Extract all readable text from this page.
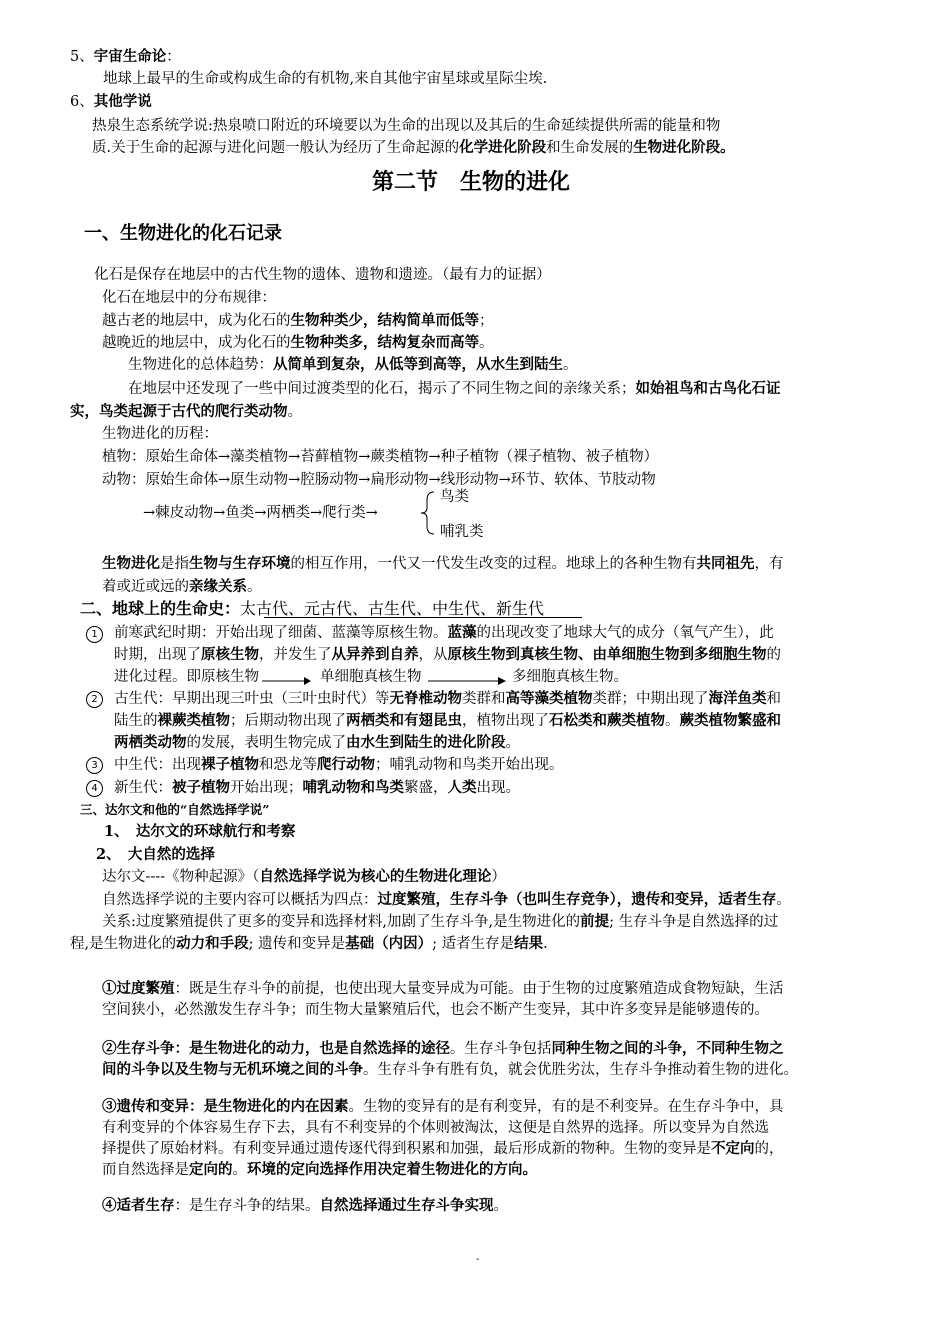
5、宇宙生命论：
地球上最早的生命或构成生命的有机物,来自其他宇宙星球或星际尘埃.
6、其他学说
热泉生态系统学说:热泉喷口附近的环境要以为生命的出现以及其后的生命延续提供所需的能量和物
质.关于生命的起源与进化问题一般认为经历了生命起源的化学进化阶段和生命发展的生物进化阶段。
第二节　生物的进化
一、生物进化的化石记录
化石是保存在地层中的古代生物的遗体、遗物和遗迹。（最有力的证据）
化石在地层中的分布规律：
越古老的地层中，成为化石的生物种类少，结构简单而低等；
越晚近的地层中，成为化石的生物种类多，结构复杂而高等。
生物进化的总体趋势：从简单到复杂，从低等到高等，从水生到陆生。
在地层中还发现了一些中间过渡类型的化石，揭示了不同生物之间的亲缘关系；如始祖鸟和古鸟化石证
实，鸟类起源于古代的爬行类动物。
生物进化的历程：
植物：原始生命体→藻类植物→苔藓植物→蕨类植物→种子植物（裸子植物、被子植物）
动物：原始生命体→原生动物→腔肠动物→扁形动物→线形动物→环节、软体、节肢动物
→棘皮动物→鱼类→两栖类→爬行类→
鸟类
哺乳类
生物进化是指生物与生存环境的相互作用，一代又一代发生改变的过程。地球上的各种生物有共同祖先，有
着或近或远的亲缘关系。
二、地球上的生命史：太古代、元古代、古生代、中生代、新生代
1	前寒武纪时期：开始出现了细菌、蓝藻等原核生物。蓝藻的出现改变了地球大气的成分（氧气产生），此
时期，出现了原核生物，并发生了从异养到自养，从原核生物到真核生物、由单细胞生物到多细胞生物的
进化过程。即原核生物	单细胞真核生物	多细胞真核生物。
2	古生代：早期出现三叶虫（三叶虫时代）等无脊椎动物类群和高等藻类植物类群；中期出现了海洋鱼类和
陆生的裸蕨类植物；后期动物出现了两栖类和有翅昆虫，植物出现了石松类和蕨类植物。蕨类植物繁盛和
两栖类动物的发展，表明生物完成了由水生到陆生的进化阶段。
3	中生代：出现裸子植物和恐龙等爬行动物；哺乳动物和鸟类开始出现。
4	新生代：被子植物开始出现；哺乳动物和鸟类繁盛，人类出现。
三、达尔文和他的“自然选择学说”
1、　达尔文的环球航行和考察
2、　大自然的选择
达尔文----《物种起源》（自然选择学说为核心的生物进化理论）
自然选择学说的主要内容可以概括为四点：过度繁殖，生存斗争（也叫生存竞争），遗传和变异，适者生存。
关系:过度繁殖提供了更多的变异和选择材料,加剧了生存斗争,是生物进化的前提; 生存斗争是自然选择的过
程,是生物进化的动力和手段; 遗传和变异是基础（内因）; 适者生存是结果.
①过度繁殖：既是生存斗争的前提，也使出现大量变异成为可能。由于生物的过度繁殖造成食物短缺，生活
空间狭小，必然激发生存斗争；而生物大量繁殖后代，也会不断产生变异，其中许多变异是能够遗传的。
②生存斗争：是生物进化的动力，也是自然选择的途径。生存斗争包括同种生物之间的斗争，不同种生物之
间的斗争以及生物与无机环境之间的斗争。生存斗争有胜有负，就会优胜劣汰，生存斗争推动着生物的进化。
③遗传和变异：是生物进化的内在因素。生物的变异有的是有利变异，有的是不利变异。在生存斗争中，具
有利变异的个体容易生存下去，具有不利变异的个体则被淘汰，这便是自然界的选择。所以变异为自然选
择提供了原始材料。有利变异通过遗传逐代得到积累和加强，最后形成新的物种。生物的变异是不定向的，
而自然选择是定向的。环境的定向选择作用决定着生物进化的方向。
④适者生存：是生存斗争的结果。自然选择通过生存斗争实现。
-
